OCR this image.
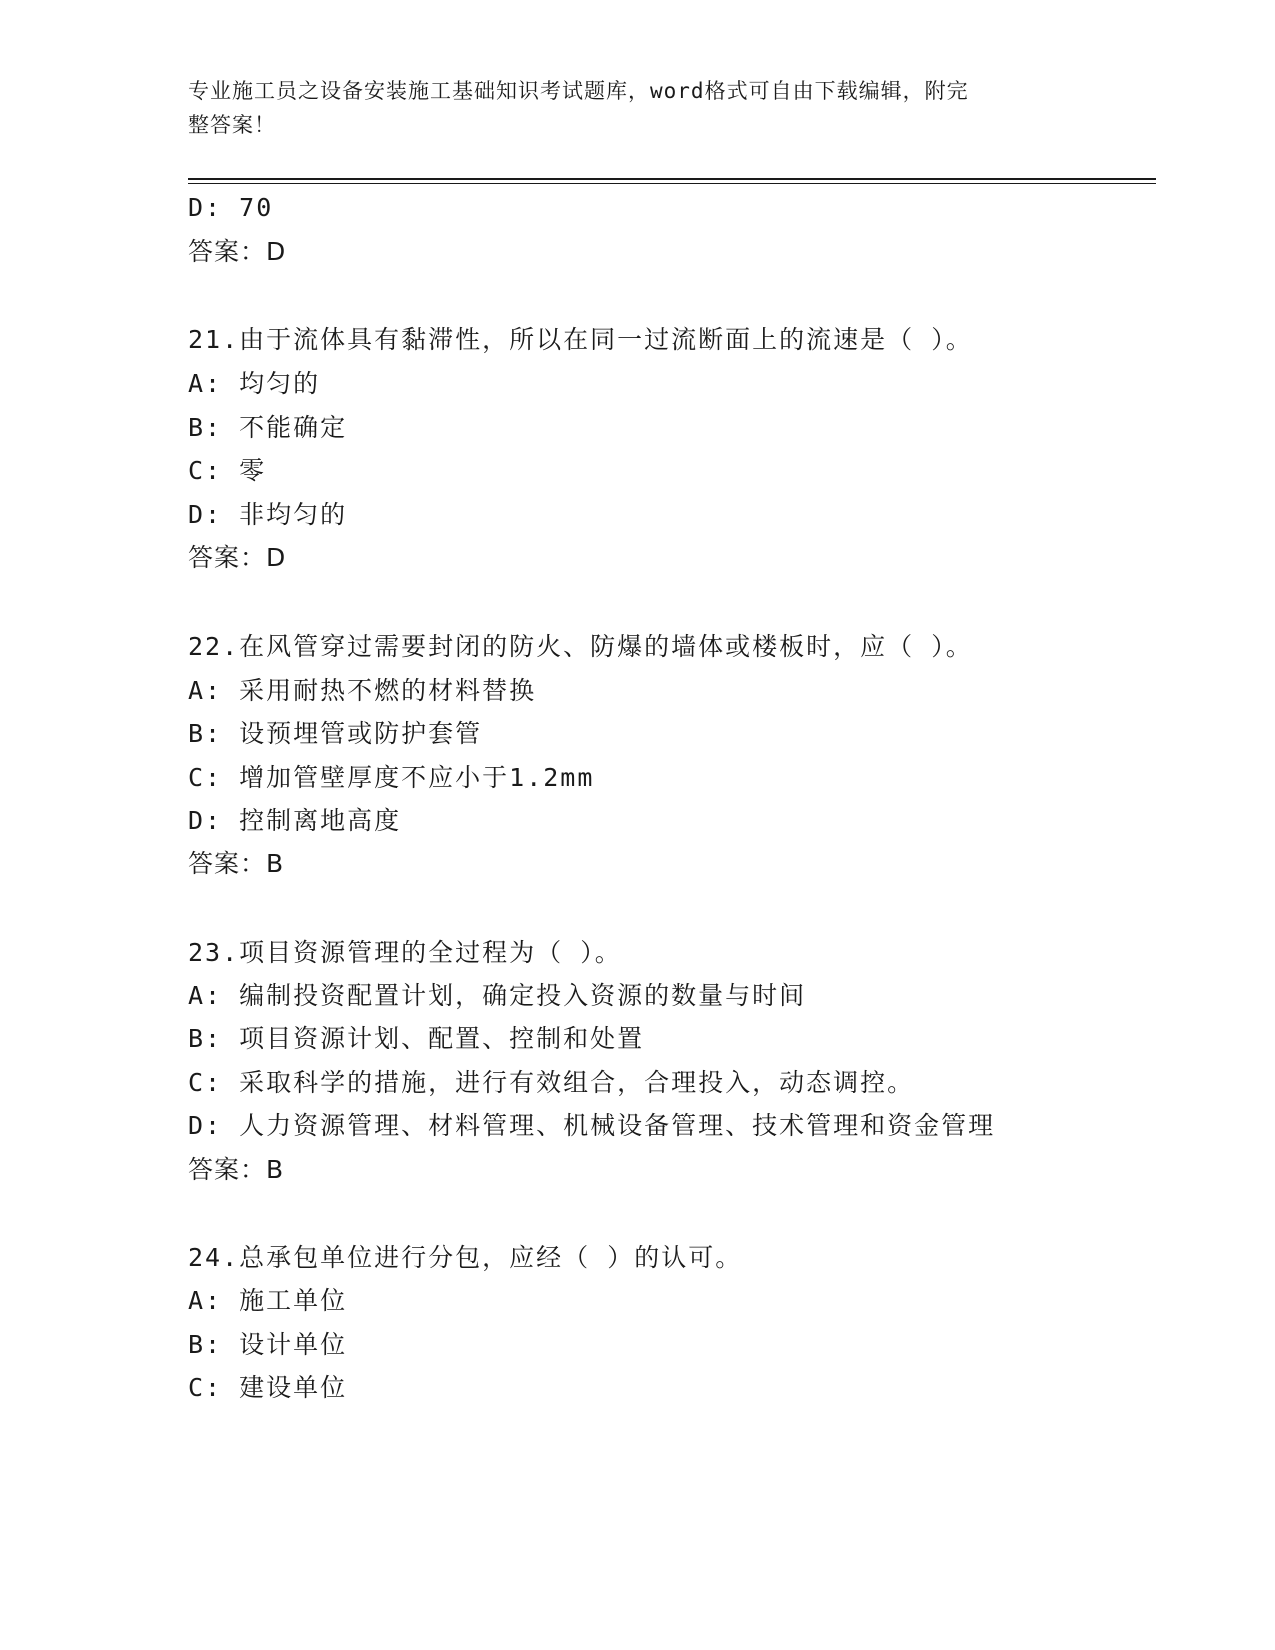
专业施工员之设备安装施工基础知识考试题库，word格式可自由下载编辑，附完
整答案！
D: 70
答案：D
21.由于流体具有黏滞性，所以在同一过流断面上的流速是（ ）。
A: 均匀的
B: 不能确定
C: 零
D: 非均匀的
答案：D
22.在风管穿过需要封闭的防火、防爆的墙体或楼板时，应（ ）。
A: 采用耐热不燃的材料替换
B: 设预埋管或防护套管
C: 增加管壁厚度不应小于1.2mm
D: 控制离地高度
答案：B
23.项目资源管理的全过程为（ ）。
A: 编制投资配置计划，确定投入资源的数量与时间
B: 项目资源计划、配置、控制和处置
C: 采取科学的措施，进行有效组合，合理投入，动态调控。
D: 人力资源管理、材料管理、机械设备管理、技术管理和资金管理
答案：B
24.总承包单位进行分包，应经（ ）的认可。
A: 施工单位
B: 设计单位
C: 建设单位
